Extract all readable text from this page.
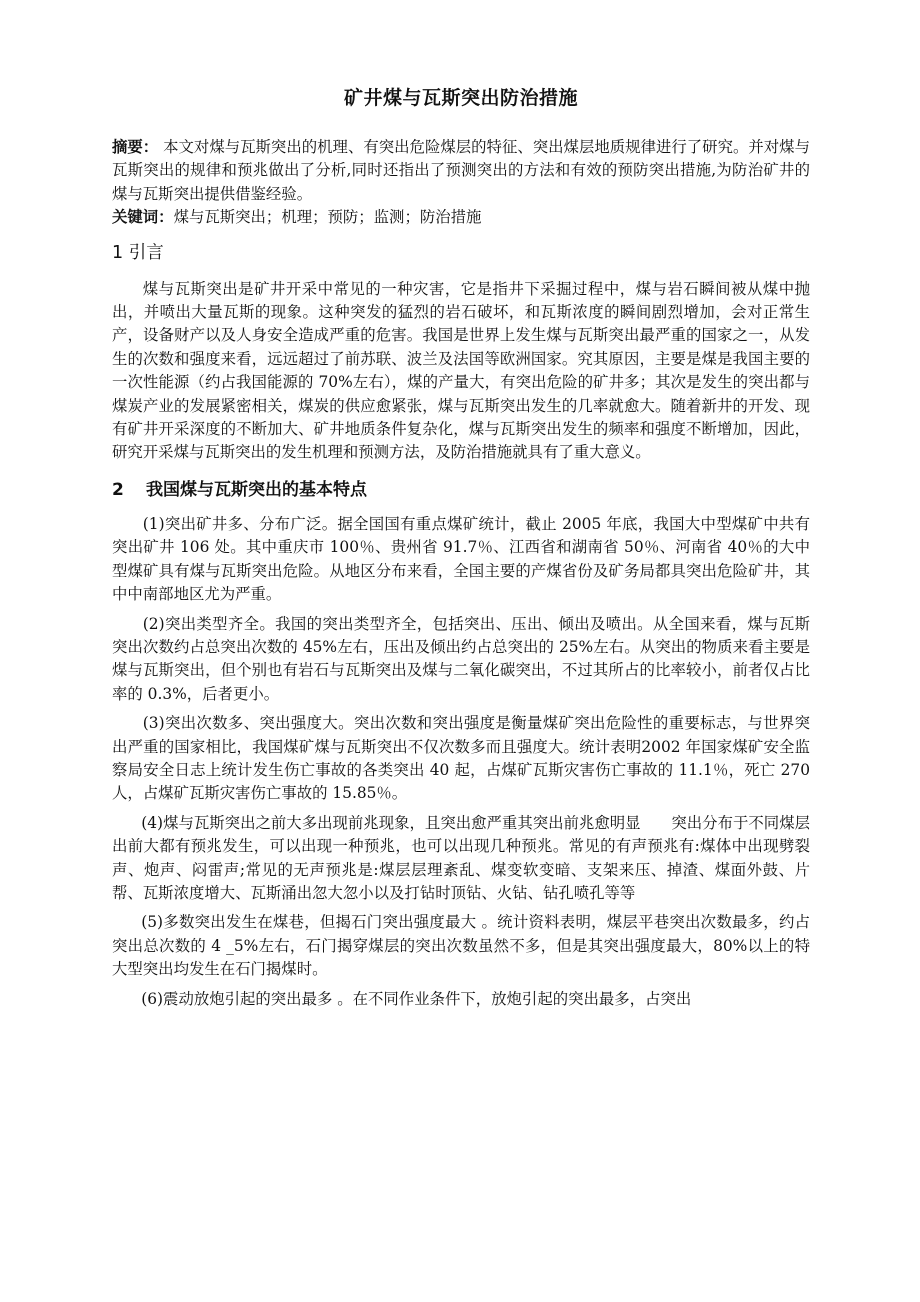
矿井煤与瓦斯突出防治措施

摘要： 本文对煤与瓦斯突出的机理、有突出危险煤层的特征、突出煤层地质规律进行了研究。并对煤与瓦斯突出的规律和预兆做出了分析,同时还指出了预测突出的方法和有效的预防突出措施,为防治矿井的煤与瓦斯突出提供借鉴经验。

关键词：煤与瓦斯突出；机理；预防；监测；防治措施

1 引言

煤与瓦斯突出是矿井开采中常见的一种灾害，它是指井下采掘过程中，煤与岩石瞬间被从煤中抛出，并喷出大量瓦斯的现象。这种突发的猛烈的岩石破坏，和瓦斯浓度的瞬间剧烈增加，会对正常生产，设备财产以及人身安全造成严重的危害。我国是世界上发生煤与瓦斯突出最严重的国家之一，从发生的次数和强度来看，远远超过了前苏联、波兰及法国等欧洲国家。究其原因，主要是煤是我国主要的一次性能源（约占我国能源的 70%左右），煤的产量大，有突出危险的矿井多；其次是发生的突出都与煤炭产业的发展紧密相关，煤炭的供应愈紧张，煤与瓦斯突出发生的几率就愈大。随着新井的开发、现有矿井开采深度的不断加大、矿井地质条件复杂化，煤与瓦斯突出发生的频率和强度不断增加，因此，研究开采煤与瓦斯突出的发生机理和预测方法，及防治措施就具有了重大意义。

2 我国煤与瓦斯突出的基本特点

(1)突出矿井多、分布广泛。据全国国有重点煤矿统计，截止 2005 年底，我国大中型煤矿中共有突出矿井 106 处。其中重庆市 100％、贵州省 91.7％、江西省和湖南省 50％、河南省 40％的大中型煤矿具有煤与瓦斯突出危险。从地区分布来看，全国主要的产煤省份及矿务局都具突出危险矿井，其中中南部地区尤为严重。

(2)突出类型齐全。我国的突出类型齐全，包括突出、压出、倾出及喷出。从全国来看，煤与瓦斯突出次数约占总突出次数的 45%左右，压出及倾出约占总突出的 25%左右。从突出的物质来看主要是煤与瓦斯突出，但个别也有岩石与瓦斯突出及煤与二氧化碳突出，不过其所占的比率较小，前者仅占比率的 0.3%，后者更小。

(3)突出次数多、突出强度大。突出次数和突出强度是衡量煤矿突出危险性的重要标志，与世界突出严重的国家相比，我国煤矿煤与瓦斯突出不仅次数多而且强度大。统计表明2002 年国家煤矿安全监察局安全日志上统计发生伤亡事故的各类突出 40 起，占煤矿瓦斯灾害伤亡事故的 11.1％，死亡 270 人，占煤矿瓦斯灾害伤亡事故的 15.85％。

(4)煤与瓦斯突出之前大多出现前兆现象，且突出愈严重其突出前兆愈明显　　突出分布于不同煤层出前大都有预兆发生，可以出现一种预兆，也可以出现几种预兆。常见的有声预兆有:煤体中出现劈裂声、炮声、闷雷声;常见的无声预兆是:煤层层理紊乱、煤变软变暗、支架来压、掉渣、煤面外鼓、片帮、瓦斯浓度增大、瓦斯涌出忽大忽小以及打钻时顶钻、火钻、钻孔喷孔等等

(5)多数突出发生在煤巷，但揭石门突出强度最大 。统计资料表明，煤层平巷突出次数最多，约占突出总次数的 4 _5%左右，石门揭穿煤层的突出次数虽然不多，但是其突出强度最大，80%以上的特大型突出均发生在石门揭煤时。

(6)震动放炮引起的突出最多 。在不同作业条件下，放炮引起的突出最多，占突出
